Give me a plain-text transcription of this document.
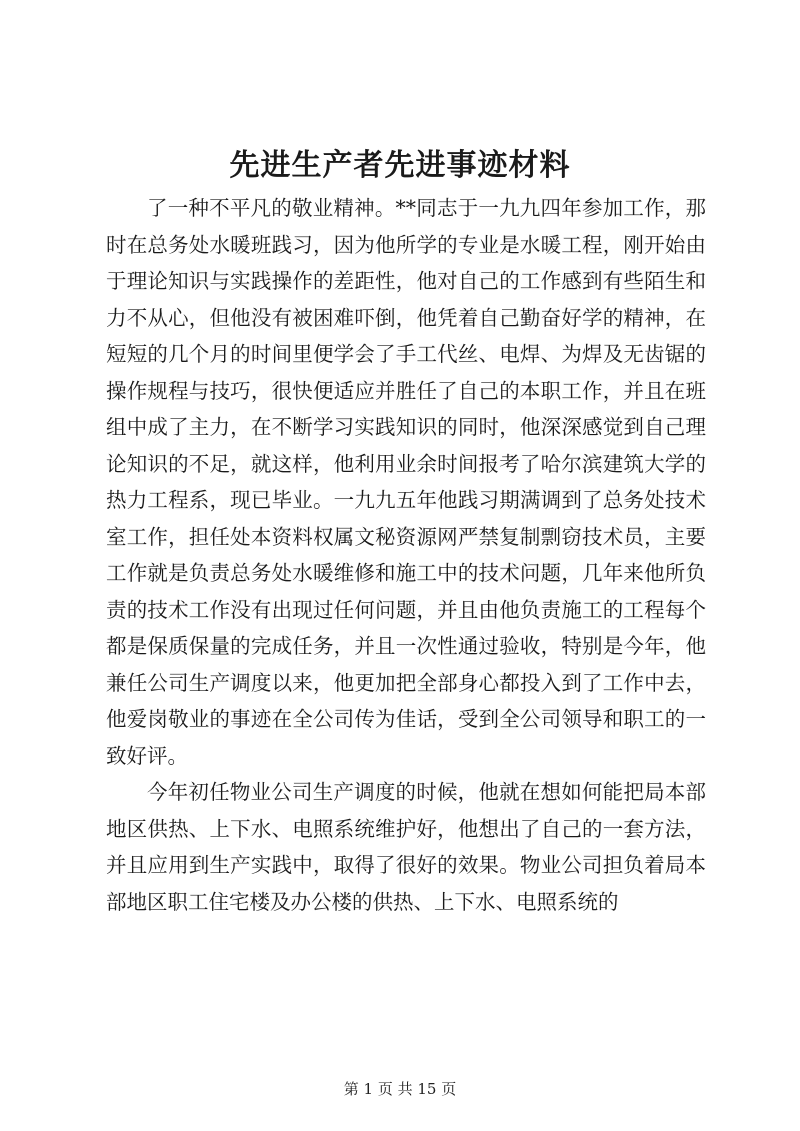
先进生产者先进事迹材料

了一种不平凡的敬业精神。**同志于一九九四年参加工作，那时在总务处水暖班践习，因为他所学的专业是水暖工程，刚开始由于理论知识与实践操作的差距性，他对自己的工作感到有些陌生和力不从心，但他没有被困难吓倒，他凭着自己勤奋好学的精神，在短短的几个月的时间里便学会了手工代丝、电焊、为焊及无齿锯的操作规程与技巧，很快便适应并胜任了自己的本职工作，并且在班组中成了主力，在不断学习实践知识的同时，他深深感觉到自己理论知识的不足，就这样，他利用业余时间报考了哈尔滨建筑大学的热力工程系，现已毕业。一九九五年他践习期满调到了总务处技术室工作，担任处本资料权属文秘资源网严禁复制剽窃技术员，主要工作就是负责总务处水暖维修和施工中的技术问题，几年来他所负责的技术工作没有出现过任何问题，并且由他负责施工的工程每个都是保质保量的完成任务，并且一次性通过验收，特别是今年，他兼任公司生产调度以来，他更加把全部身心都投入到了工作中去，他爱岗敬业的事迹在全公司传为佳话，受到全公司领导和职工的一致好评。

今年初任物业公司生产调度的时候，他就在想如何能把局本部地区供热、上下水、电照系统维护好，他想出了自己的一套方法，并且应用到生产实践中，取得了很好的效果。物业公司担负着局本部地区职工住宅楼及办公楼的供热、上下水、电照系统的

第 1 页 共 15 页
